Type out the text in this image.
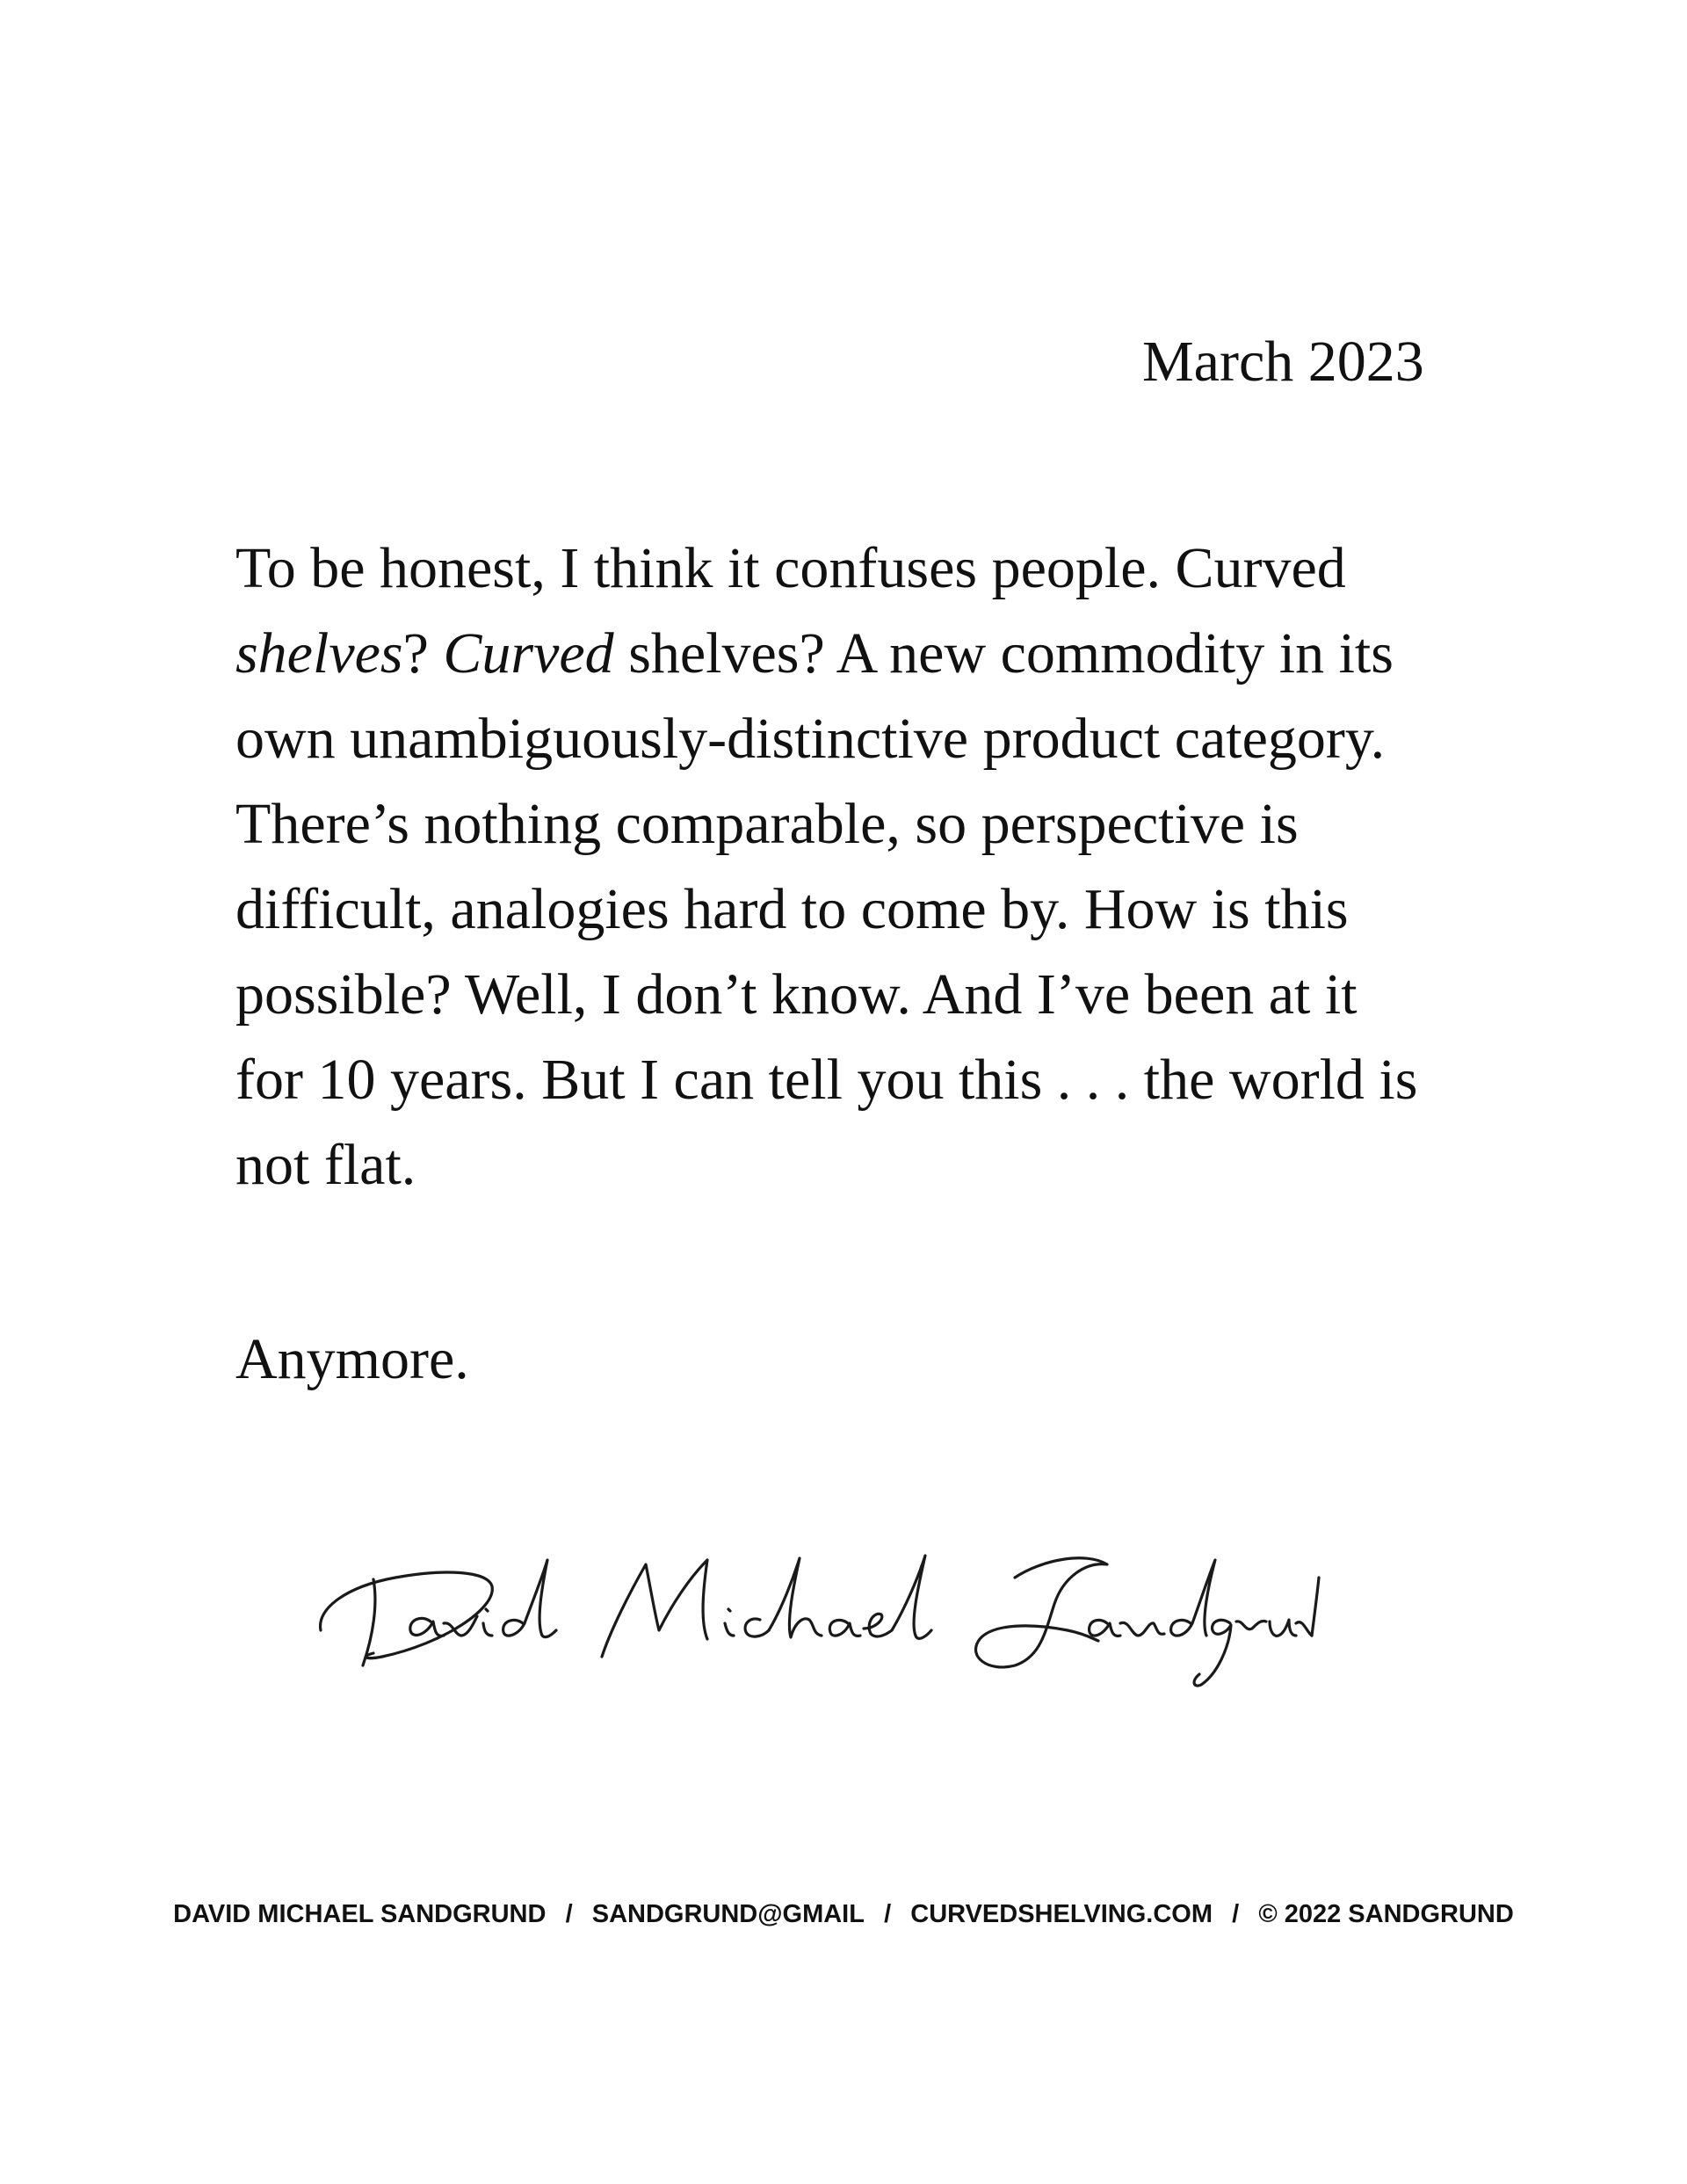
March 2023
To be honest, I think it confuses people. Curved
shelves? Curved shelves? A new commodity in its
own unambiguously-distinctive product category.
There’s nothing comparable, so perspective is
difficult, analogies hard to come by. How is this
possible? Well, I don’t know. And I’ve been at it
for 10 years. But I can tell you this . . . the world is
not flat.
Anymore.
DAVID MICHAEL SANDGRUND  /  SANDGRUND@GMAIL  /  CURVEDSHELVING.COM  /  © 2022 SANDGRUND
